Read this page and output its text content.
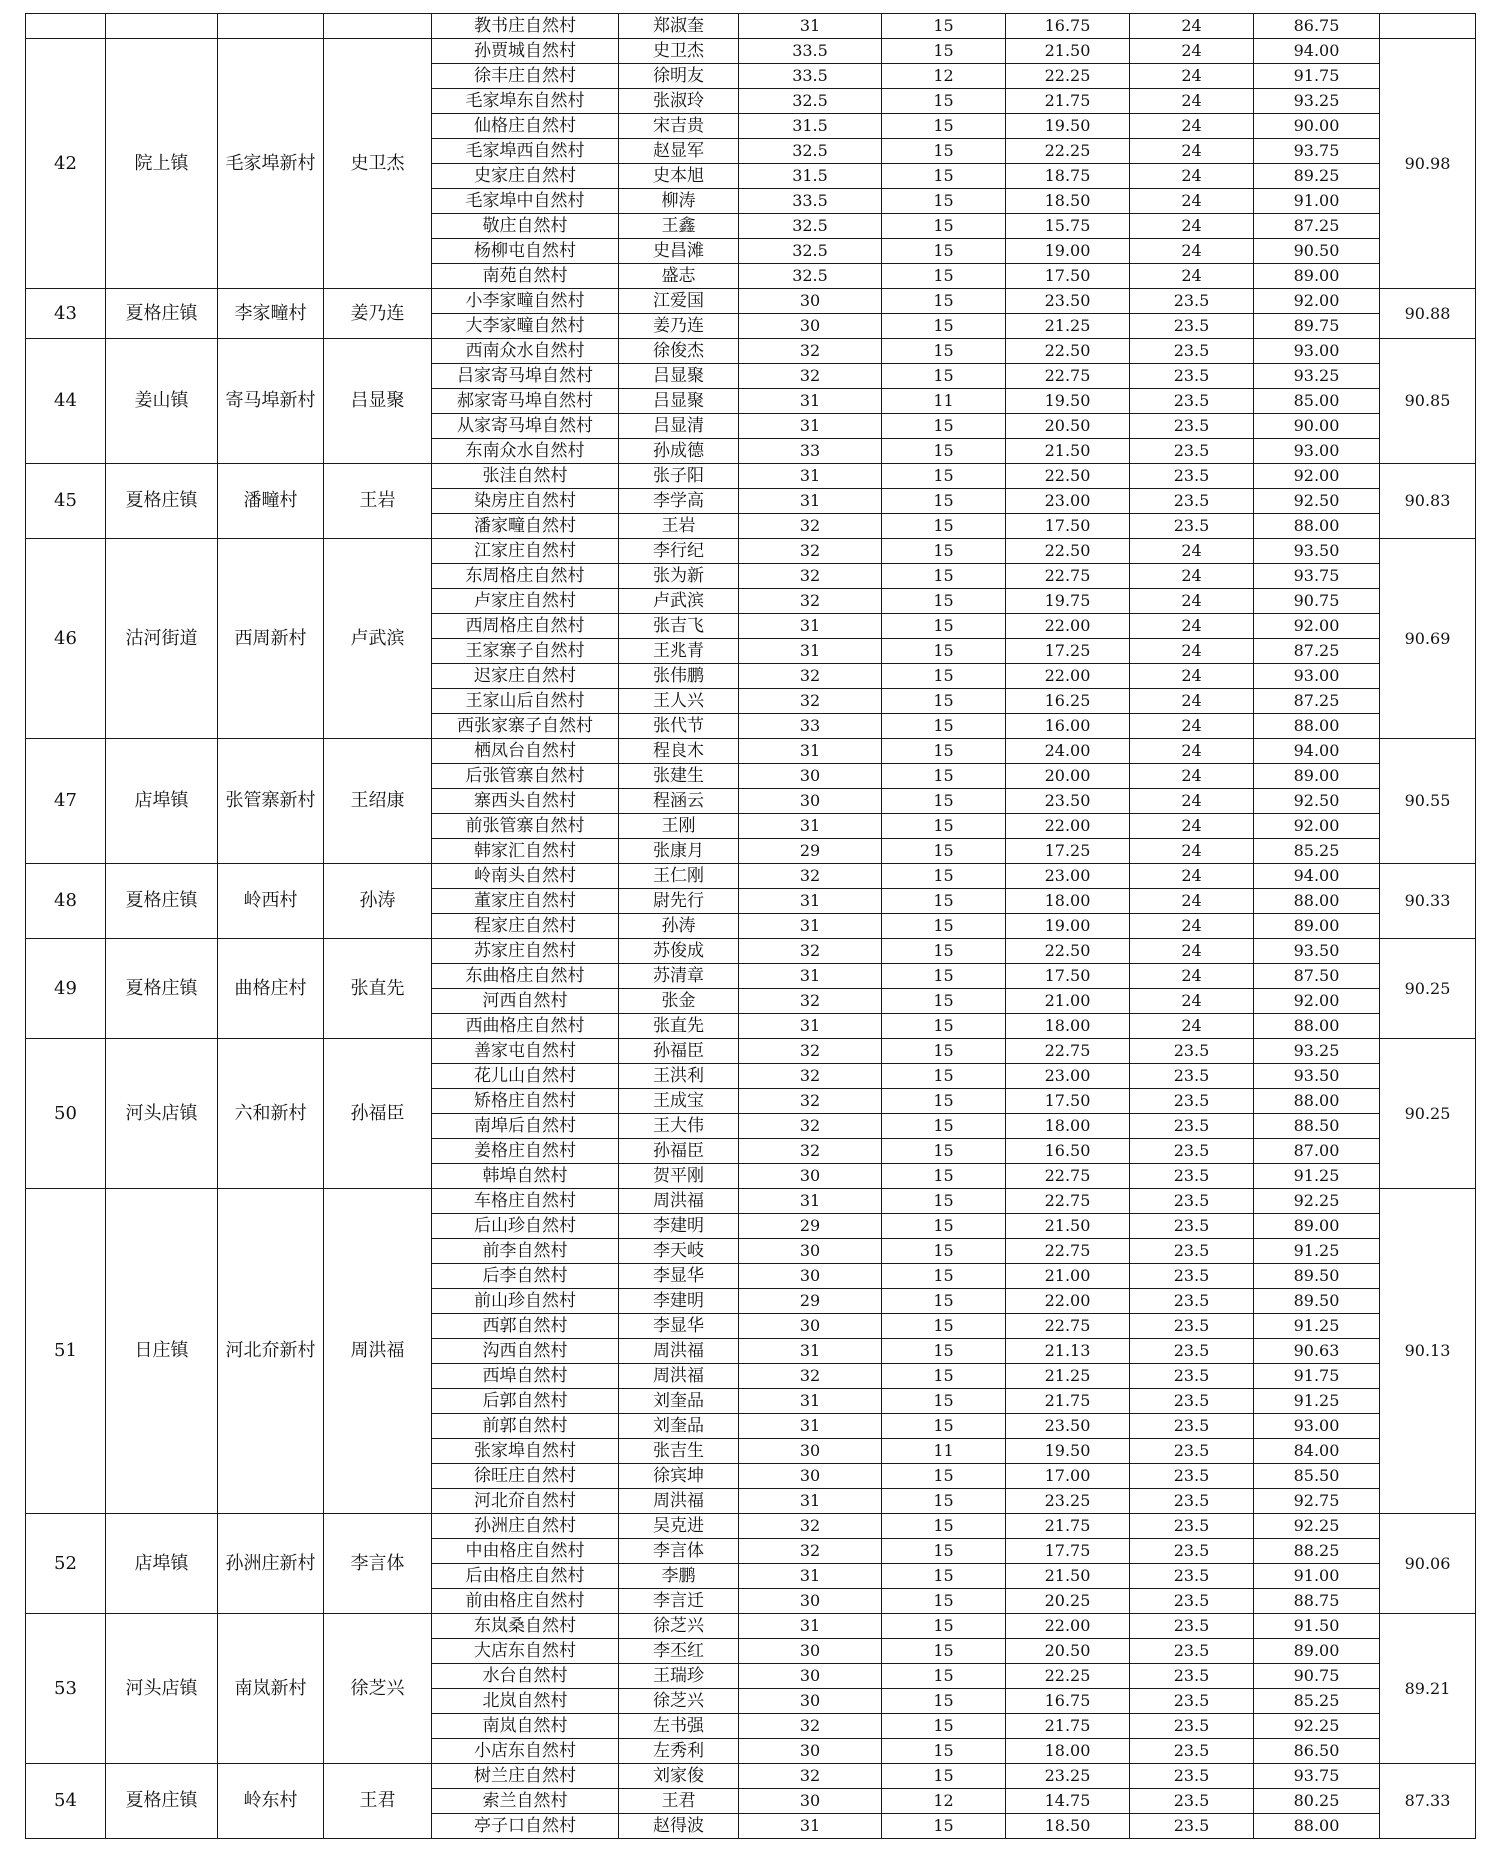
				教书庄自然村	郑淑奎	31	15	16.75	24	86.75	
42	院上镇	毛家埠新村	史卫杰	孙贾城自然村	史卫杰	33.5	15	21.50	24	94.00	90.98
				徐丰庄自然村	徐明友	33.5	12	22.25	24	91.75	
				毛家埠东自然村	张淑玲	32.5	15	21.75	24	93.25	
				仙格庄自然村	宋吉贵	31.5	15	19.50	24	90.00	
				毛家埠西自然村	赵显军	32.5	15	22.25	24	93.75	
				史家庄自然村	史本旭	31.5	15	18.75	24	89.25	
				毛家埠中自然村	柳涛	33.5	15	18.50	24	91.00	
				敬庄自然村	王鑫	32.5	15	15.75	24	87.25	
				杨柳屯自然村	史昌滩	32.5	15	19.00	24	90.50	
				南苑自然村	盛志	32.5	15	17.50	24	89.00	
43	夏格庄镇	李家疃村	姜乃连	小李家疃自然村	江爱国	30	15	23.50	23.5	92.00	90.88
				大李家疃自然村	姜乃连	30	15	21.25	23.5	89.75	
44	姜山镇	寄马埠新村	吕显聚	西南众水自然村	徐俊杰	32	15	22.50	23.5	93.00	90.85
				吕家寄马埠自然村	吕显聚	32	15	22.75	23.5	93.25	
				郝家寄马埠自然村	吕显聚	31	11	19.50	23.5	85.00	
				从家寄马埠自然村	吕显清	31	15	20.50	23.5	90.00	
				东南众水自然村	孙成德	33	15	21.50	23.5	93.00	
45	夏格庄镇	潘疃村	王岩	张洼自然村	张子阳	31	15	22.50	23.5	92.00	90.83
				染房庄自然村	李学高	31	15	23.00	23.5	92.50	
				潘家疃自然村	王岩	32	15	17.50	23.5	88.00	
46	沽河街道	西周新村	卢武滨	江家庄自然村	李行纪	32	15	22.50	24	93.50	90.69
				东周格庄自然村	张为新	32	15	22.75	24	93.75	
				卢家庄自然村	卢武滨	32	15	19.75	24	90.75	
				西周格庄自然村	张吉飞	31	15	22.00	24	92.00	
				王家寨子自然村	王兆青	31	15	17.25	24	87.25	
				迟家庄自然村	张伟鹏	32	15	22.00	24	93.00	
				王家山后自然村	王人兴	32	15	16.25	24	87.25	
				西张家寨子自然村	张代节	33	15	16.00	24	88.00	
47	店埠镇	张管寨新村	王绍康	栖凤台自然村	程良木	31	15	24.00	24	94.00	90.55
				后张管寨自然村	张建生	30	15	20.00	24	89.00	
				寨西头自然村	程涵云	30	15	23.50	24	92.50	
				前张管寨自然村	王刚	31	15	22.00	24	92.00	
				韩家汇自然村	张康月	29	15	17.25	24	85.25	
48	夏格庄镇	岭西村	孙涛	岭南头自然村	王仁刚	32	15	23.00	24	94.00	90.33
				董家庄自然村	尉先行	31	15	18.00	24	88.00	
				程家庄自然村	孙涛	31	15	19.00	24	89.00	
49	夏格庄镇	曲格庄村	张直先	苏家庄自然村	苏俊成	32	15	22.50	24	93.50	90.25
				东曲格庄自然村	苏清章	31	15	17.50	24	87.50	
				河西自然村	张金	32	15	21.00	24	92.00	
				西曲格庄自然村	张直先	31	15	18.00	24	88.00	
50	河头店镇	六和新村	孙福臣	善家屯自然村	孙福臣	32	15	22.75	23.5	93.25	90.25
				花儿山自然村	王洪利	32	15	23.00	23.5	93.50	
				矫格庄自然村	王成宝	32	15	17.50	23.5	88.00	
				南埠后自然村	王大伟	32	15	18.00	23.5	88.50	
				姜格庄自然村	孙福臣	32	15	16.50	23.5	87.00	
				韩埠自然村	贺平刚	30	15	22.75	23.5	91.25	
51	日庄镇	河北夼新村	周洪福	车格庄自然村	周洪福	31	15	22.75	23.5	92.25	90.13
				后山珍自然村	李建明	29	15	21.50	23.5	89.00	
				前李自然村	李天岐	30	15	22.75	23.5	91.25	
				后李自然村	李显华	30	15	21.00	23.5	89.50	
				前山珍自然村	李建明	29	15	22.00	23.5	89.50	
				西郭自然村	李显华	30	15	22.75	23.5	91.25	
				沟西自然村	周洪福	31	15	21.13	23.5	90.63	
				西埠自然村	周洪福	32	15	21.25	23.5	91.75	
				后郭自然村	刘奎品	31	15	21.75	23.5	91.25	
				前郭自然村	刘奎品	31	15	23.50	23.5	93.00	
				张家埠自然村	张吉生	30	11	19.50	23.5	84.00	
				徐旺庄自然村	徐宾坤	30	15	17.00	23.5	85.50	
				河北夼自然村	周洪福	31	15	23.25	23.5	92.75	
52	店埠镇	孙洲庄新村	李言体	孙洲庄自然村	吴克进	32	15	21.75	23.5	92.25	90.06
				中由格庄自然村	李言体	32	15	17.75	23.5	88.25	
				后由格庄自然村	李鹏	31	15	21.50	23.5	91.00	
				前由格庄自然村	李言迁	30	15	20.25	23.5	88.75	
53	河头店镇	南岚新村	徐芝兴	东岚桑自然村	徐芝兴	31	15	22.00	23.5	91.50	89.21
				大店东自然村	李丕红	30	15	20.50	23.5	89.00	
				水台自然村	王瑞珍	30	15	22.25	23.5	90.75	
				北岚自然村	徐芝兴	30	15	16.75	23.5	85.25	
				南岚自然村	左书强	32	15	21.75	23.5	92.25	
				小店东自然村	左秀利	30	15	18.00	23.5	86.50	
54	夏格庄镇	岭东村	王君	树兰庄自然村	刘家俊	32	15	23.25	23.5	93.75	87.33
				索兰自然村	王君	30	12	14.75	23.5	80.25	
				亭子口自然村	赵得波	31	15	18.50	23.5	88.00	
